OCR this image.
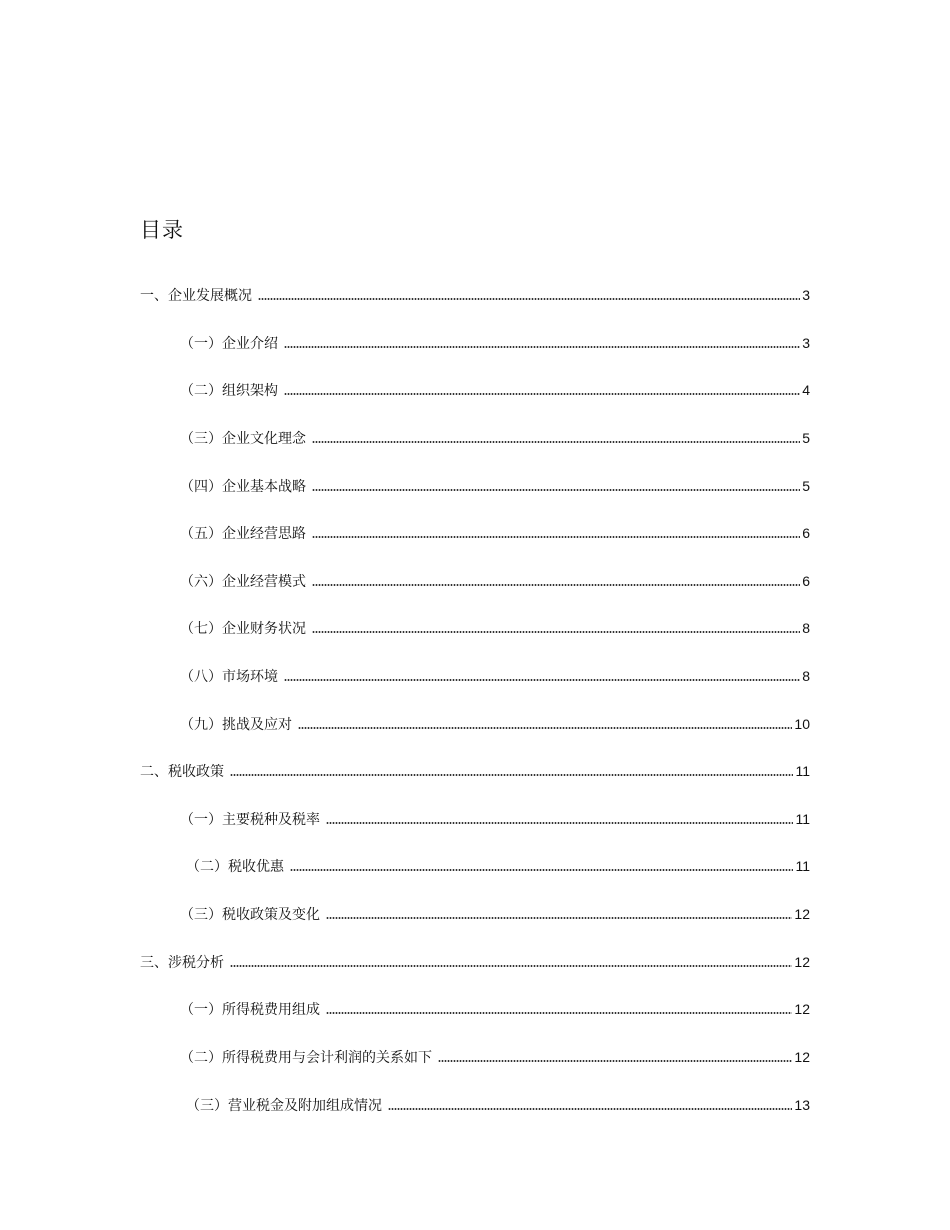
目录
一、企业发展概况	3
（一）企业介绍	3
（二）组织架构	4
（三）企业文化理念	5
（四）企业基本战略	5
（五）企业经营思路	6
（六）企业经营模式	6
（七）企业财务状况	8
（八）市场环境	8
（九）挑战及应对	10
二、税收政策	11
（一）主要税种及税率	11
（二）税收优惠	11
（三）税收政策及变化	12
三、涉税分析	12
（一）所得税费用组成	12
（二）所得税费用与会计利润的关系如下	12
（三）营业税金及附加组成情况	13
